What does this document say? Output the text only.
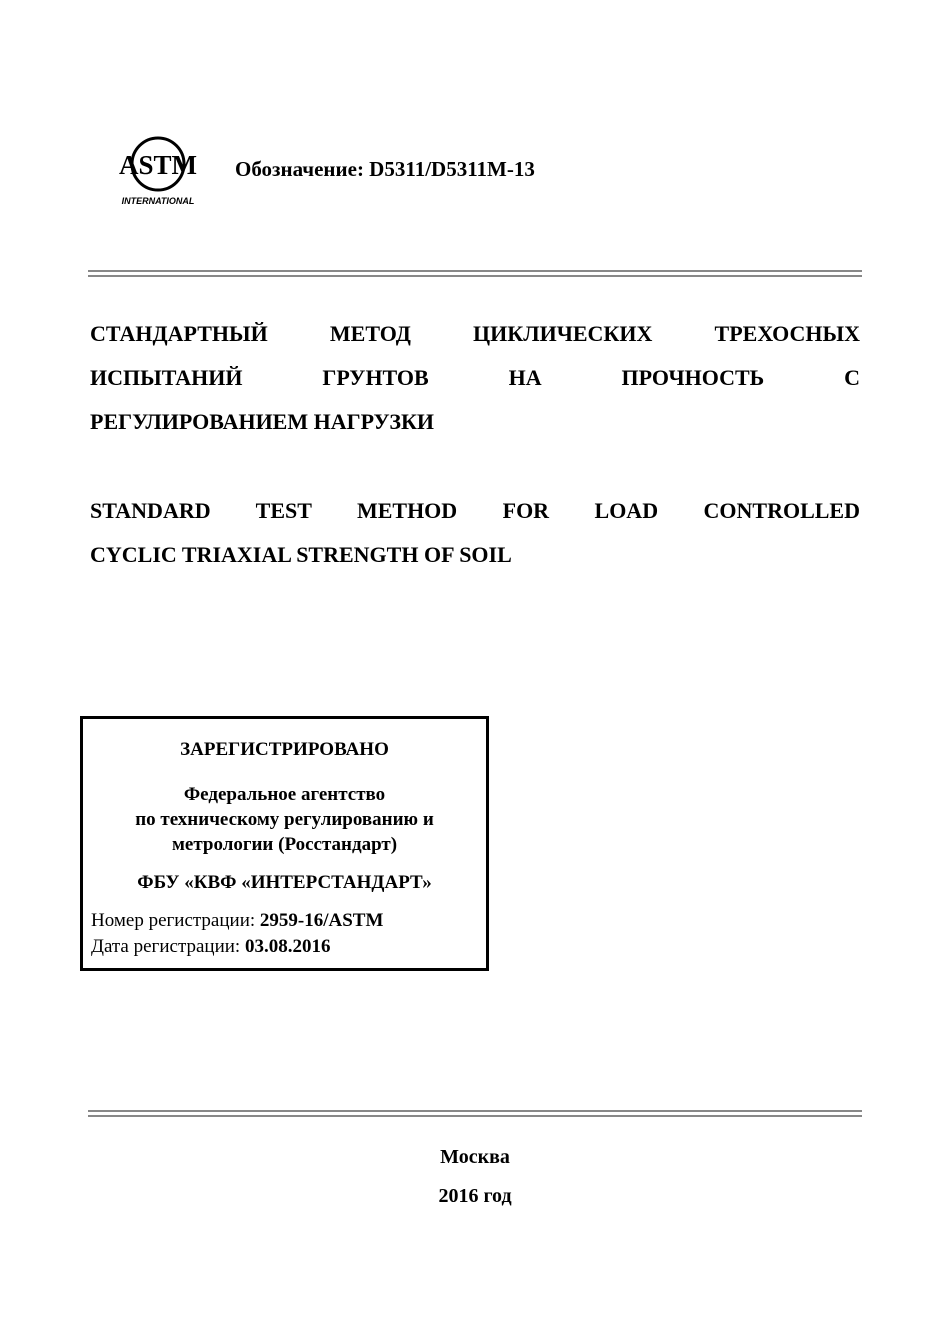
ASTM
INTERNATIONAL
Обозначение: D5311/D5311M-13
СТАНДАРТНЫЙ МЕТОД ЦИКЛИЧЕСКИХ ТРЕХОСНЫХ
ИСПЫТАНИЙ ГРУНТОВ НА ПРОЧНОСТЬ С
РЕГУЛИРОВАНИЕМ НАГРУЗКИ
STANDARD TEST METHOD FOR LOAD CONTROLLED
CYCLIC TRIAXIAL STRENGTH OF SOIL
ЗАРЕГИСТРИРОВАНО
Федеральное агентство
по техническому регулированию и
метрологии (Росстандарт)
ФБУ «КВФ «ИНТЕРСТАНДАРТ»
Номер регистрации: 2959-16/ASTM
Дата регистрации: 03.08.2016
Москва
2016 год
